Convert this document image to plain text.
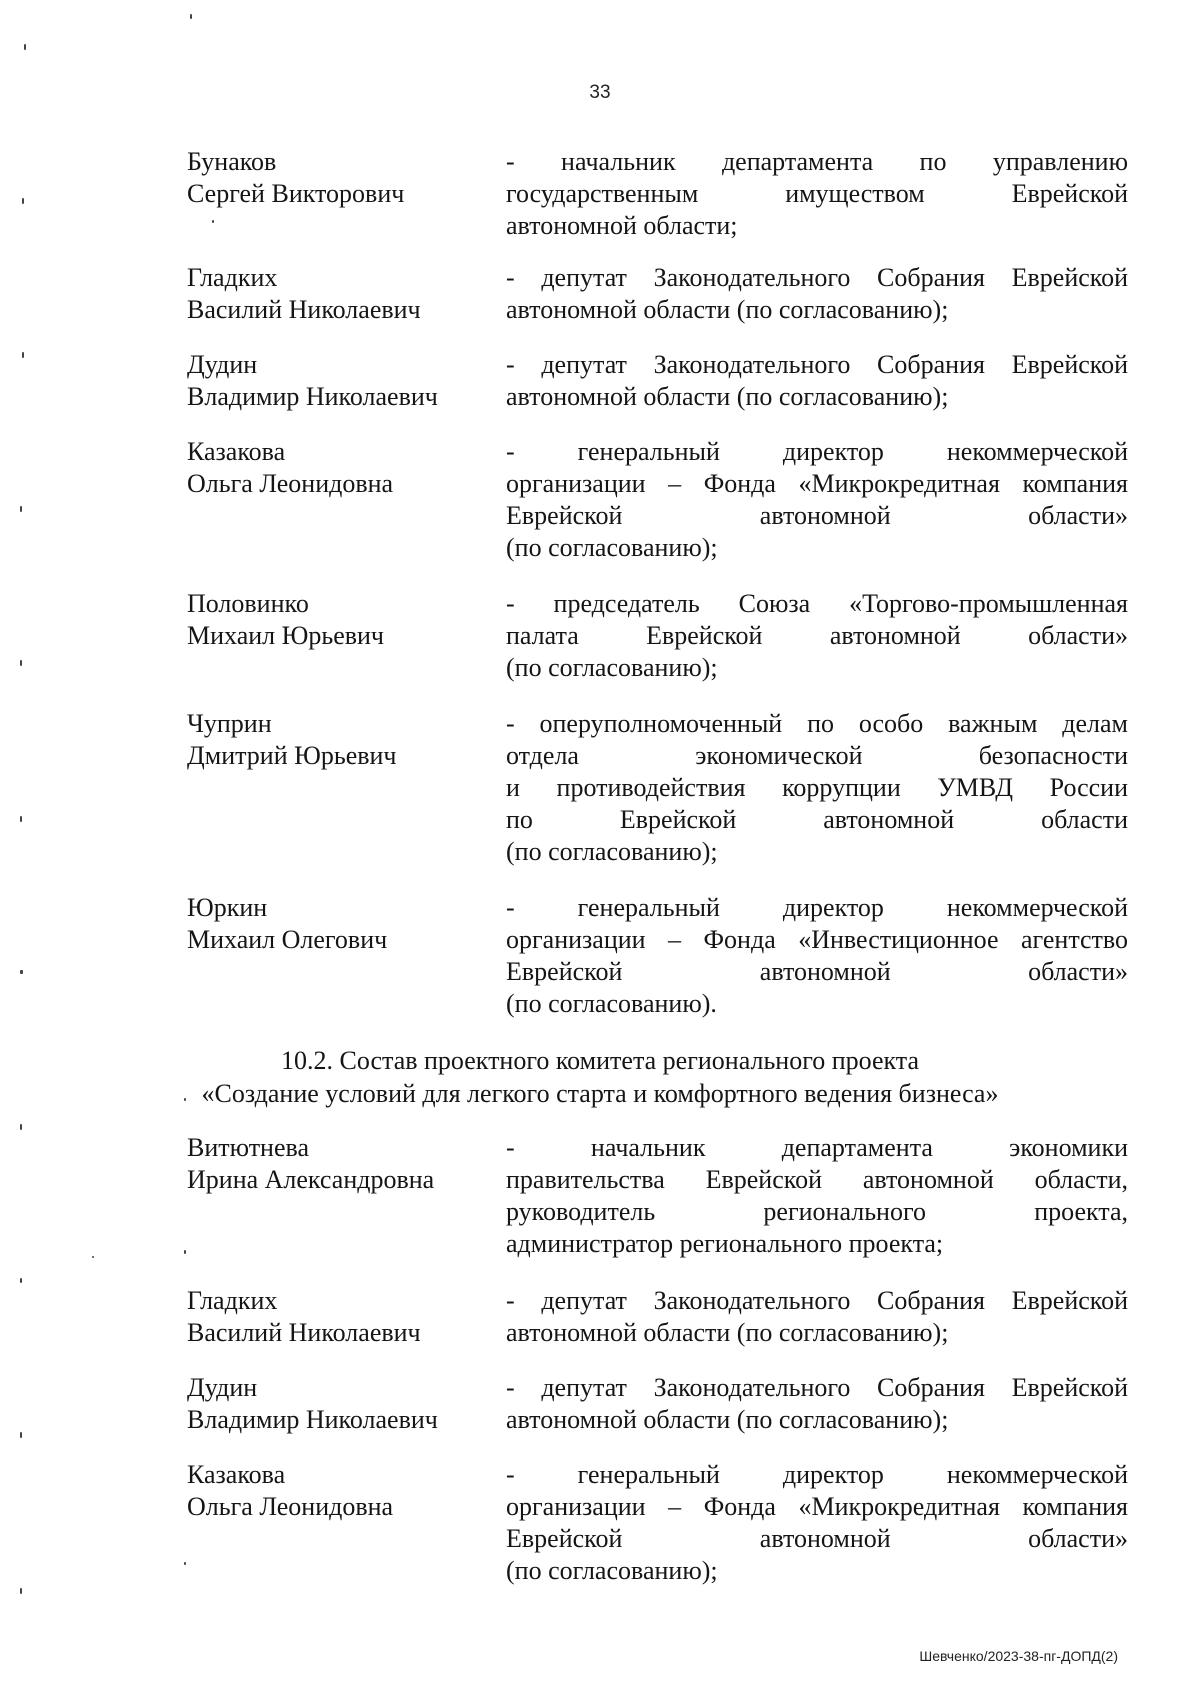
33
Бунаков
Сергей Викторович
- начальник департамента по управлению
государственным имуществом Еврейской
автономной области;
Гладких
Василий Николаевич
- депутат Законодательного Собрания Еврейской
автономной области (по согласованию);
Дудин
Владимир Николаевич
- депутат Законодательного Собрания Еврейской
автономной области (по согласованию);
Казакова
Ольга Леонидовна
- генеральный директор некоммерческой
организации – Фонда «Микрокредитная компания
Еврейской автономной области»
(по согласованию);
Половинко
Михаил Юрьевич
- председатель Союза «Торгово-промышленная
палата Еврейской автономной области»
(по согласованию);
Чуприн
Дмитрий Юрьевич
- оперуполномоченный по особо важным делам
отдела экономической безопасности
и противодействия коррупции УМВД России
по Еврейской автономной области
(по согласованию);
Юркин
Михаил Олегович
- генеральный директор некоммерческой
организации – Фонда «Инвестиционное агентство
Еврейской автономной области»
(по согласованию).
10.2. Состав проектного комитета регионального проекта
«Создание условий для легкого старта и комфортного ведения бизнеса»
Витютнева
Ирина Александровна
- начальник департамента экономики
правительства Еврейской автономной области,
руководитель регионального проекта,
администратор регионального проекта;
Гладких
Василий Николаевич
- депутат Законодательного Собрания Еврейской
автономной области (по согласованию);
Дудин
Владимир Николаевич
- депутат Законодательного Собрания Еврейской
автономной области (по согласованию);
Казакова
Ольга Леонидовна
- генеральный директор некоммерческой
организации – Фонда «Микрокредитная компания
Еврейской автономной области»
(по согласованию);
Шевченко/2023-38-пг-ДОПД(2)
